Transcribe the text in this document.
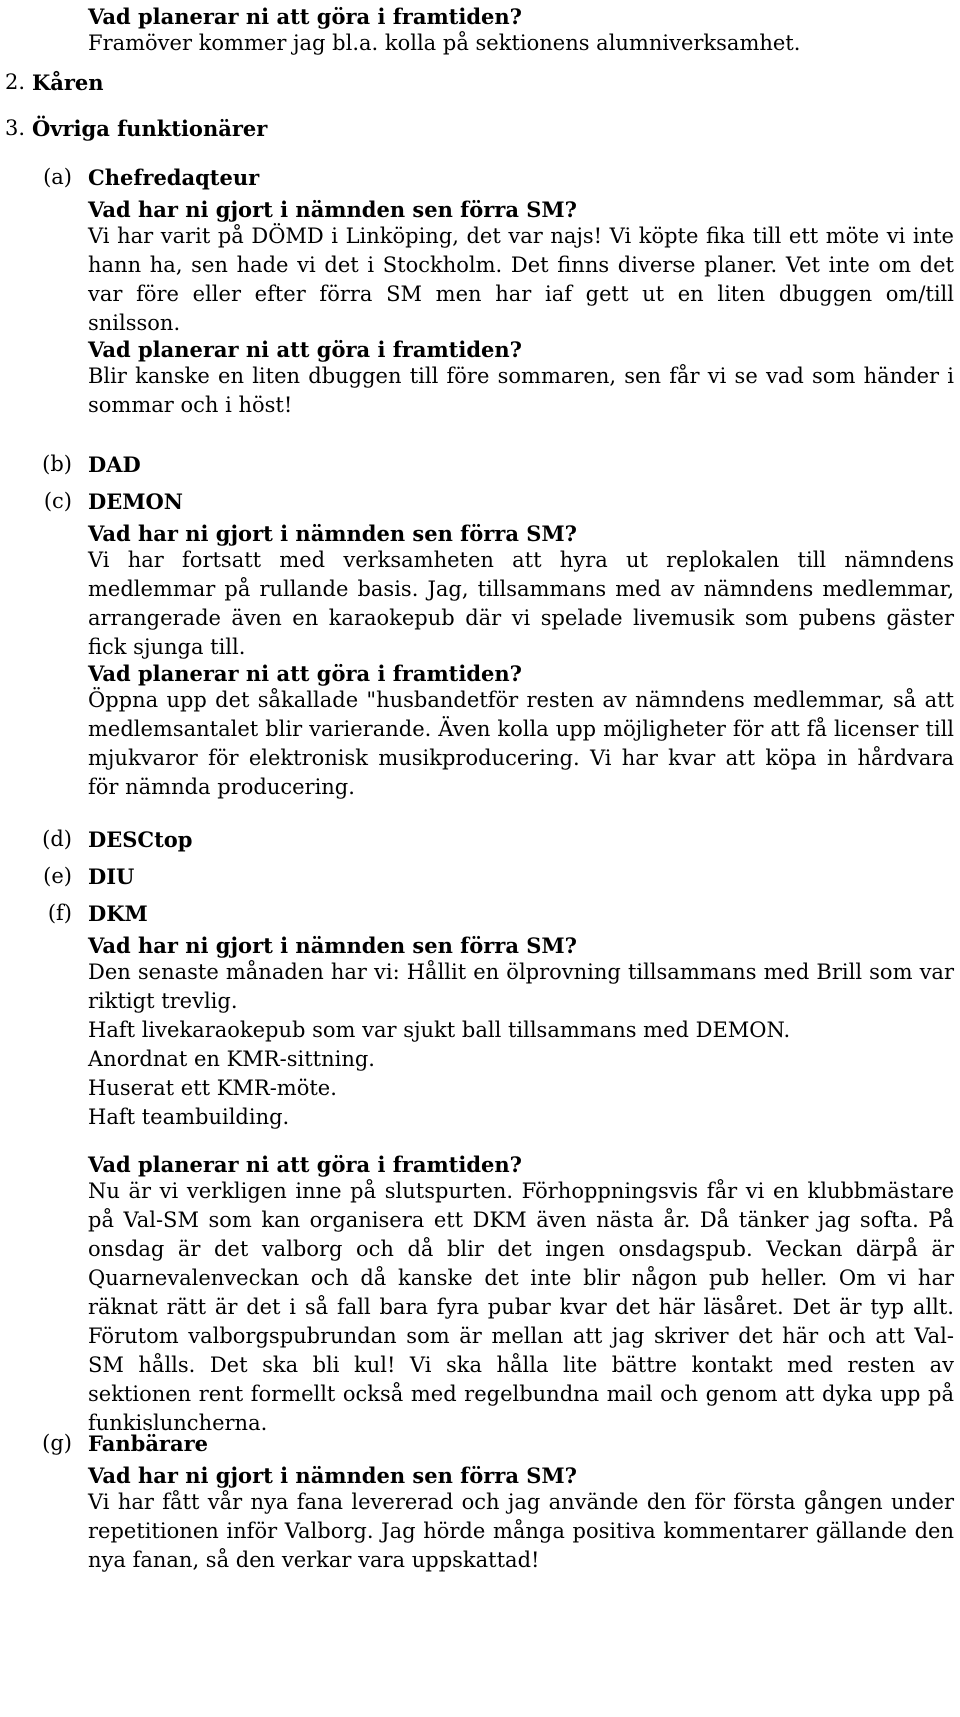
Vad planerar ni att göra i framtiden?

Framöver kommer jag bl.a. kolla på sektionens alumniverksamhet.

2. Kåren
3. Övriga funktionärer
(a) Chefredaqteur

Vad har ni gjort i nämnden sen förra SM?

Vi har varit på DÖMD i Linköping, det var najs! Vi köpte fika till ett möte vi inte hann ha, sen hade vi det i Stockholm. Det finns diverse planer. Vet inte om det var före eller efter förra SM men har iaf gett ut en liten dbuggen om/till snilsson.

Vad planerar ni att göra i framtiden?

Blir kanske en liten dbuggen till före sommaren, sen får vi se vad som händer i sommar och i höst!

(b) DAD
(c) DEMON

Vad har ni gjort i nämnden sen förra SM?

Vi har fortsatt med verksamheten att hyra ut replokalen till nämndens medlemmar på rullande basis. Jag, tillsammans med av nämndens medlemmar, arrangerade även en karaokepub där vi spelade livemusik som pubens gäster fick sjunga till.

Vad planerar ni att göra i framtiden?

Öppna upp det såkallade "husbandetför resten av nämndens medlemmar, så att medlemsantalet blir varierande. Även kolla upp möjligheter för att få licenser till mjukvaror för elektronisk musikproducering. Vi har kvar att köpa in hårdvara för nämnda producering.

(d) DESCtop
(e) DIU
(f) DKM

Vad har ni gjort i nämnden sen förra SM?

Den senaste månaden har vi: Hållit en ölprovning tillsammans med Brill som var riktigt trevlig.

Haft livekaraokepub som var sjukt ball tillsammans med DEMON.

Anordnat en KMR-sittning.

Huserat ett KMR-möte.

Haft teambuilding.

Vad planerar ni att göra i framtiden?

Nu är vi verkligen inne på slutspurten. Förhoppningsvis får vi en klubbmästare på Val-SM som kan organisera ett DKM även nästa år. Då tänker jag softa. På onsdag är det valborg och då blir det ingen onsdagspub. Veckan därpå är Quarnevalenveckan och då kanske det inte blir någon pub heller. Om vi har räknat rätt är det i så fall bara fyra pubar kvar det här läsåret. Det är typ allt. Förutom valborgspubrundan som är mellan att jag skriver det här och att Val-SM hålls. Det ska bli kul! Vi ska hålla lite bättre kontakt med resten av sektionen rent formellt också med regelbundna mail och genom att dyka upp på funkisluncherna.

(g) Fanbärare

Vad har ni gjort i nämnden sen förra SM?

Vi har fått vår nya fana levererad och jag använde den för första gången under repetitionen inför Valborg. Jag hörde många positiva kommentarer gällande den nya fanan, så den verkar vara uppskattad!
